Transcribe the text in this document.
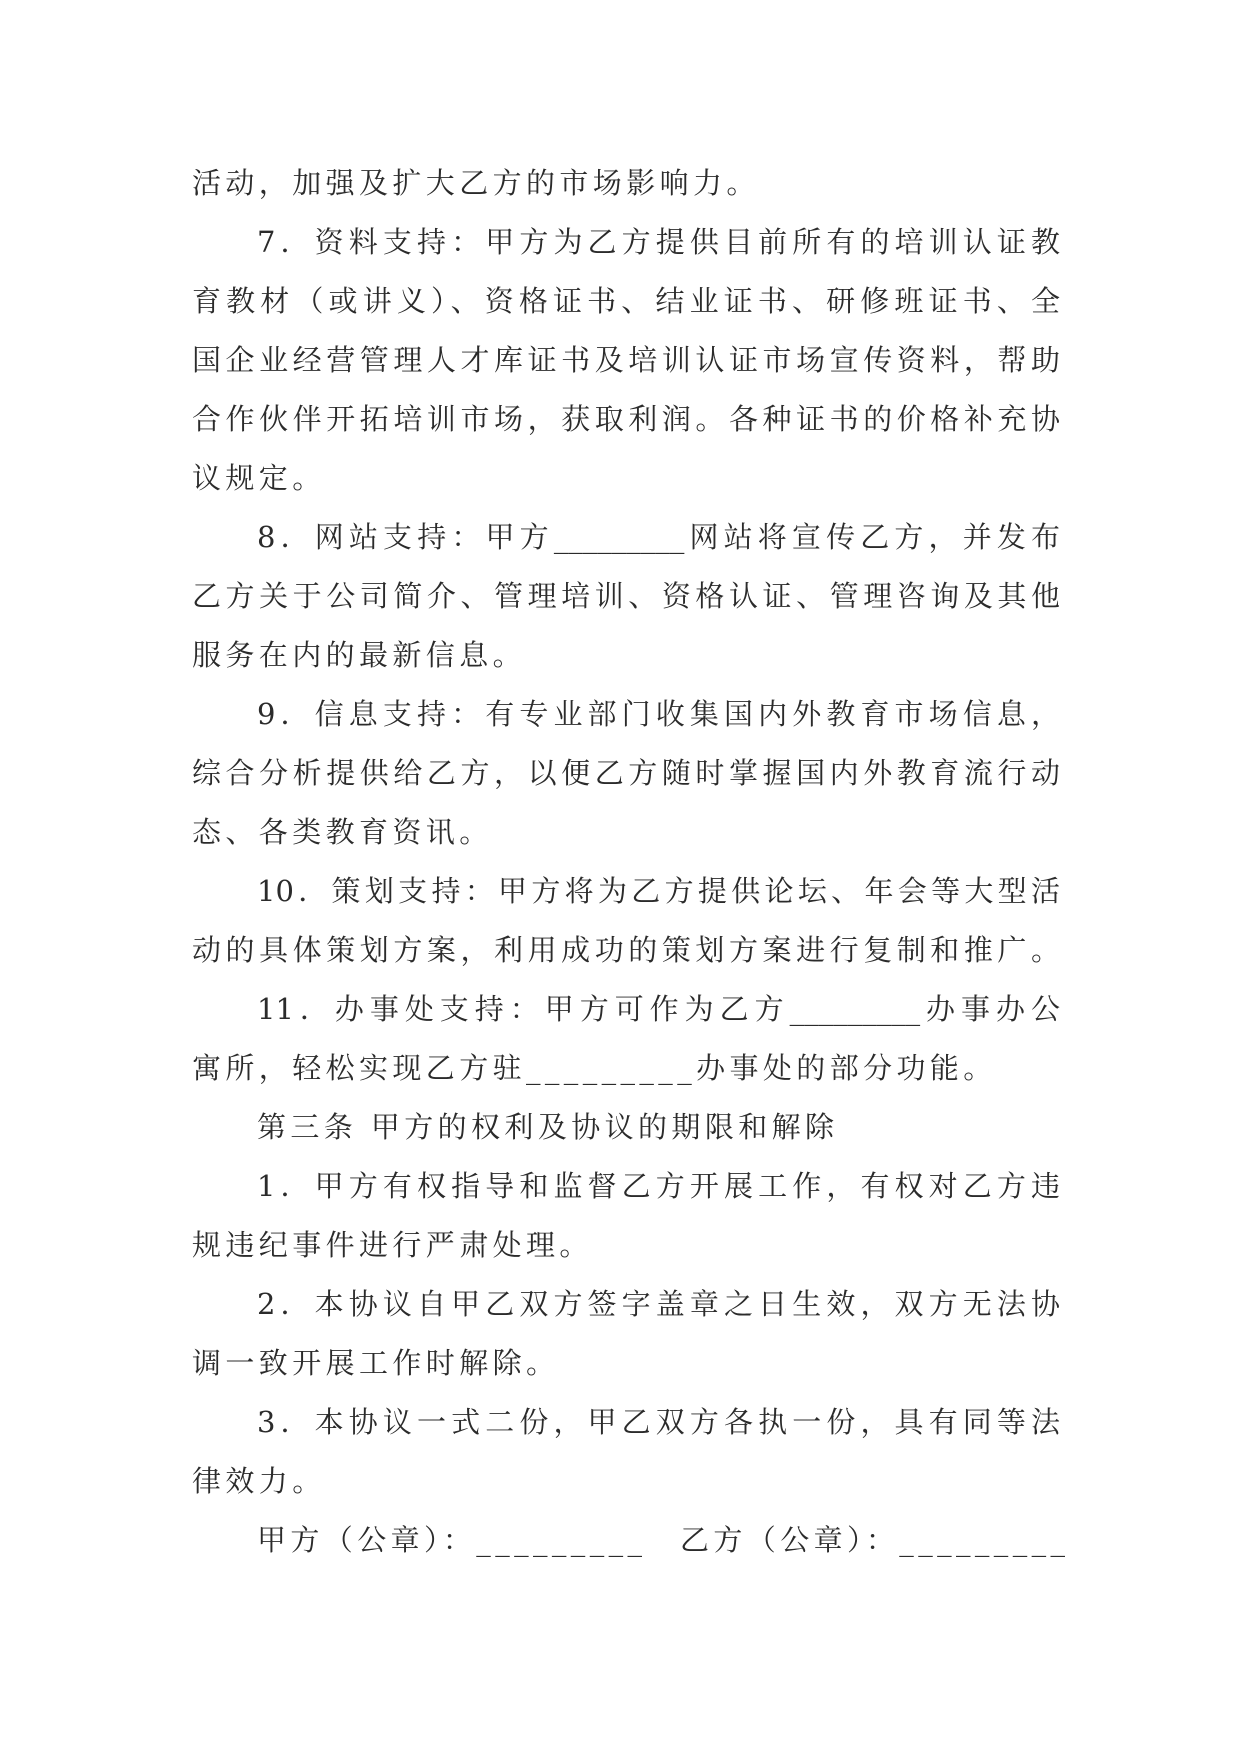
活动，加强及扩大乙方的市场影响力。
7．资料支持：甲方为乙方提供目前所有的培训认证教
育教材（或讲义）、资格证书、结业证书、研修班证书、全
国企业经营管理人才库证书及培训认证市场宣传资料，帮助
合作伙伴开拓培训市场，获取利润。各种证书的价格补充协
议规定。
8．网站支持：甲方_________网站将宣传乙方，并发布
乙方关于公司简介、管理培训、资格认证、管理咨询及其他
服务在内的最新信息。
9．信息支持：有专业部门收集国内外教育市场信息，
综合分析提供给乙方，以便乙方随时掌握国内外教育流行动
态、各类教育资讯。
10．策划支持：甲方将为乙方提供论坛、年会等大型活
动的具体策划方案，利用成功的策划方案进行复制和推广。
11．办事处支持：甲方可作为乙方_________办事办公
寓所，轻松实现乙方驻_________办事处的部分功能。
第三条 甲方的权利及协议的期限和解除
1．甲方有权指导和监督乙方开展工作，有权对乙方违
规违纪事件进行严肃处理。
2．本协议自甲乙双方签字盖章之日生效，双方无法协
调一致开展工作时解除。
3．本协议一式二份，甲乙双方各执一份，具有同等法
律效力。
甲方（公章）：_________ 乙方（公章）：_________
